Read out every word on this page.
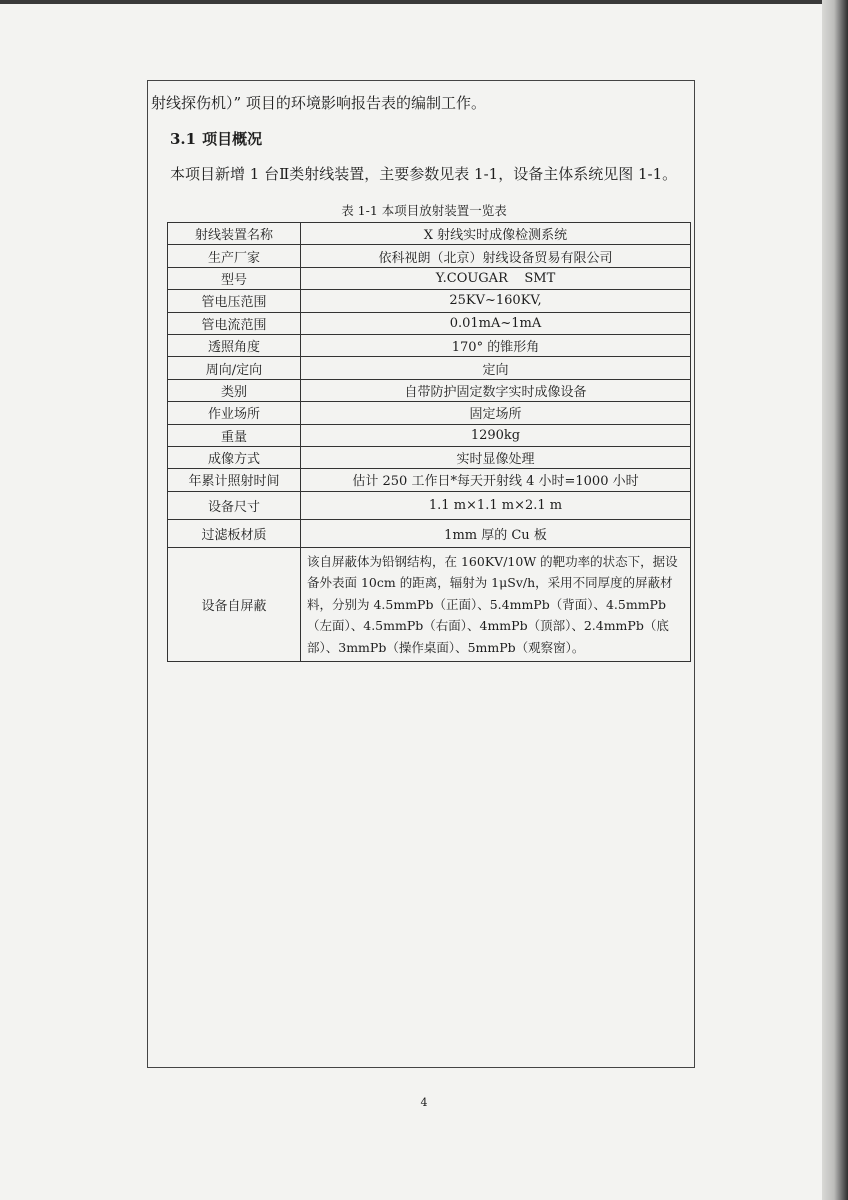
射线探伤机）” 项目的环境影响报告表的编制工作。
3.1 项目概况
本项目新增 1 台Ⅱ类射线装置，主要参数见表 1-1，设备主体系统见图 1-1。
表 1-1 本项目放射装置一览表
射线装置名称	X 射线实时成像检测系统
生产厂家	依科视朗（北京）射线设备贸易有限公司
型号	Y.COUGAR    SMT
管电压范围	25KV~160KV,
管电流范围	0.01mA~1mA
透照角度	170° 的锥形角
周向/定向	定向
类别	自带防护固定数字实时成像设备
作业场所	固定场所
重量	1290kg
成像方式	实时显像处理
年累计照射时间	估计 250 工作日*每天开射线 4 小时=1000 小时
设备尺寸	1.1 m×1.1 m×2.1 m
过滤板材质	1mm 厚的 Cu 板
设备自屏蔽	该自屏蔽体为铅钢结构，在 160KV/10W 的靶功率的状态下，据设备外表面 10cm 的距离，辐射为 1μSv/h，采用不同厚度的屏蔽材料，分别为 4.5mmPb（正面）、5.4mmPb（背面）、4.5mmPb（左面）、4.5mmPb（右面）、4mmPb（顶部）、2.4mmPb（底部）、3mmPb（操作桌面）、5mmPb（观察窗）。
4
